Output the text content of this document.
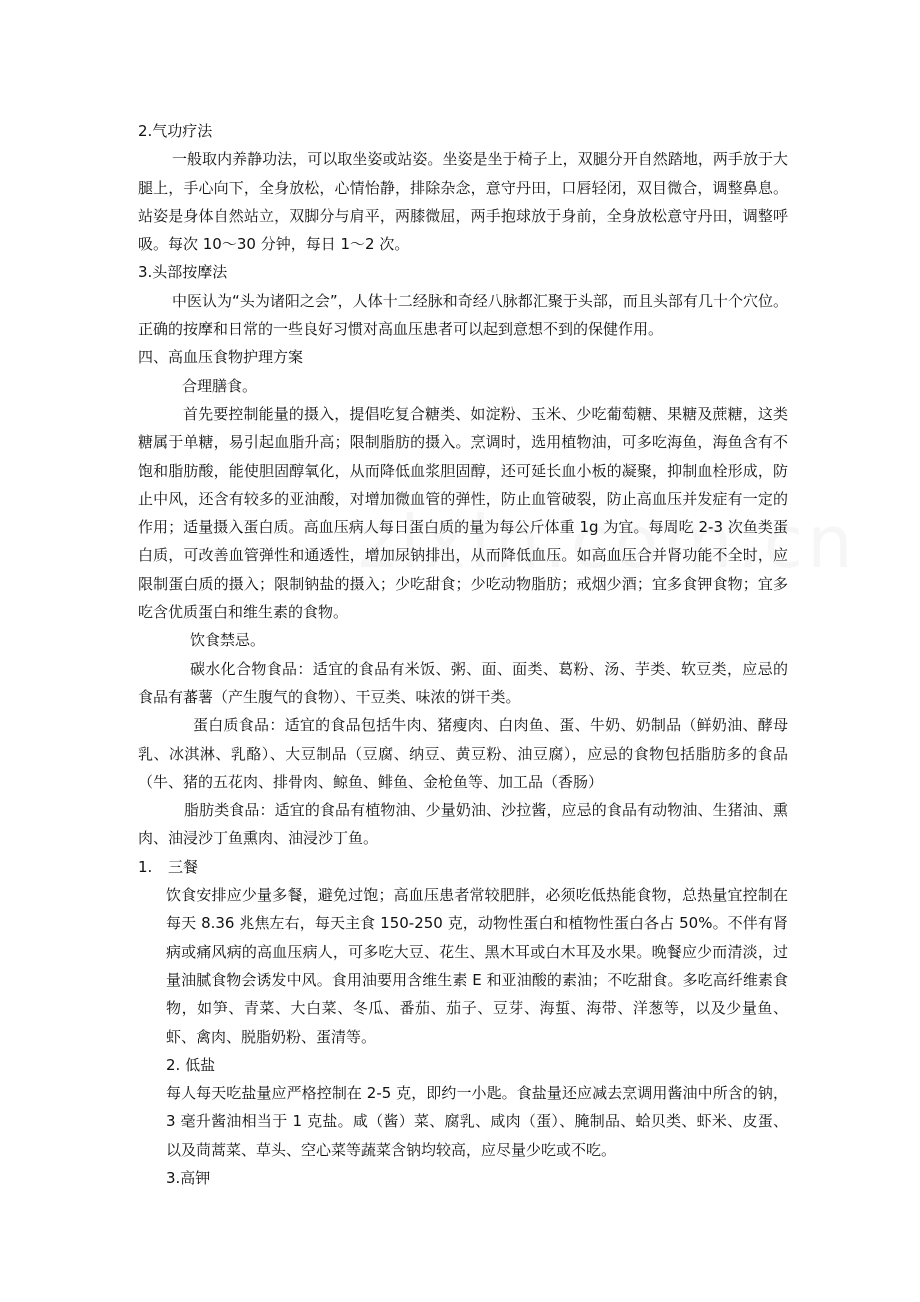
2.气功疗法

一般取内养静功法，可以取坐姿或站姿。坐姿是坐于椅子上，双腿分开自然踏地，两手放于大腿上，手心向下，全身放松，心情怡静，排除杂念，意守丹田，口唇轻闭，双目微合，调整鼻息。站姿是身体自然站立，双脚分与肩平，两膝微屈，两手抱球放于身前，全身放松意守丹田，调整呼吸。每次 10～30 分钟，每日 1～2 次。

3.头部按摩法

中医认为“头为诸阳之会”，人体十二经脉和奇经八脉都汇聚于头部，而且头部有几十个穴位。正确的按摩和日常的一些良好习惯对高血压患者可以起到意想不到的保健作用。

四、高血压食物护理方案

合理膳食。

首先要控制能量的摄入，提倡吃复合糖类、如淀粉、玉米、少吃葡萄糖、果糖及蔗糖，这类糖属于单糖，易引起血脂升高；限制脂肪的摄入。烹调时，选用植物油，可多吃海鱼，海鱼含有不饱和脂肪酸，能使胆固醇氧化，从而降低血浆胆固醇，还可延长血小板的凝聚，抑制血栓形成，防止中风，还含有较多的亚油酸，对增加微血管的弹性，防止血管破裂，防止高血压并发症有一定的作用；适量摄入蛋白质。高血压病人每日蛋白质的量为每公斤体重 1g 为宜。每周吃 2-3 次鱼类蛋白质，可改善血管弹性和通透性，增加尿钠排出，从而降低血压。如高血压合并肾功能不全时，应限制蛋白质的摄入；限制钠盐的摄入；少吃甜食；少吃动物脂肪；戒烟少酒；宜多食钾食物；宜多吃含优质蛋白和维生素的食物。

饮食禁忌。

碳水化合物食品：适宜的食品有米饭、粥、面、面类、葛粉、汤、芋类、软豆类，应忌的食品有蕃薯（产生腹气的食物）、干豆类、味浓的饼干类。

蛋白质食品：适宜的食品包括牛肉、猪瘦肉、白肉鱼、蛋、牛奶、奶制品（鲜奶油、酵母乳、冰淇淋、乳酪）、大豆制品（豆腐、纳豆、黄豆粉、油豆腐），应忌的食物包括脂肪多的食品（牛、猪的五花肉、排骨肉、鲸鱼、鲱鱼、金枪鱼等、加工品（香肠）

脂肪类食品：适宜的食品有植物油、少量奶油、沙拉酱，应忌的食品有动物油、生猪油、熏肉、油浸沙丁鱼熏肉、油浸沙丁鱼。

1.	三餐

饮食安排应少量多餐，避免过饱；高血压患者常较肥胖，必须吃低热能食物，总热量宜控制在每天 8.36 兆焦左右，每天主食 150-250 克，动物性蛋白和植物性蛋白各占 50%。不伴有肾病或痛风病的高血压病人，可多吃大豆、花生、黑木耳或白木耳及水果。晚餐应少而清淡，过量油腻食物会诱发中风。食用油要用含维生素 E 和亚油酸的素油；不吃甜食。多吃高纤维素食物，如笋、青菜、大白菜、冬瓜、番茄、茄子、豆芽、海蜇、海带、洋葱等，以及少量鱼、虾、禽肉、脱脂奶粉、蛋清等。

2. 低盐

每人每天吃盐量应严格控制在 2-5 克，即约一小匙。食盐量还应减去烹调用酱油中所含的钠，3 毫升酱油相当于 1 克盐。咸（酱）菜、腐乳、咸肉（蛋）、腌制品、蛤贝类、虾米、皮蛋、以及茼蒿菜、草头、空心菜等蔬菜含钠均较高，应尽量少吃或不吃。

3.高钾
